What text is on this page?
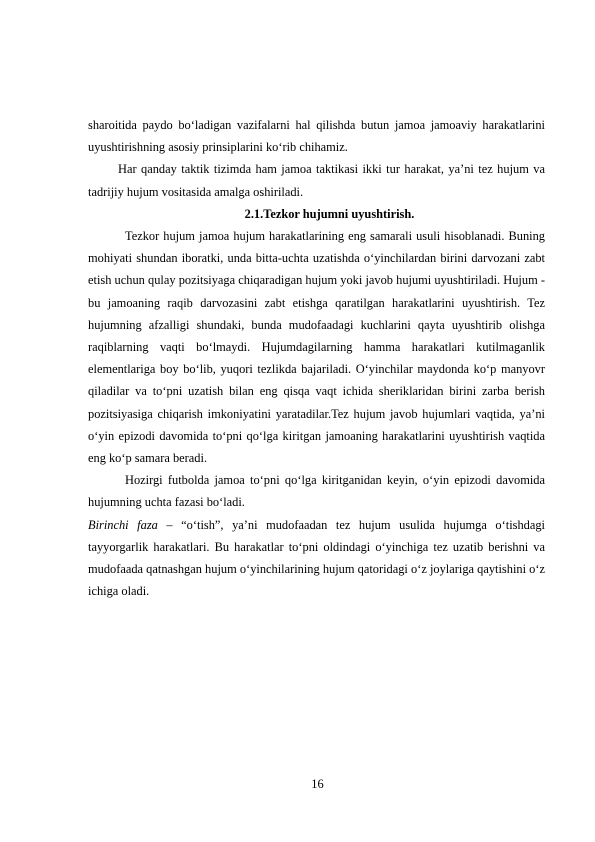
sharoitida paydo bo‘ladigan vazifalarni hal qilishda butun jamoa jamoaviy harakatlarini uyushtirishning asosiy prinsiplarini ko‘rib chihamiz.

Har qanday taktik tizimda ham jamoa taktikasi ikki tur harakat, ya’ni tez hujum va tadrijiy hujum vositasida amalga oshiriladi.

2.1.Tezkor hujumni uyushtirish.

Tezkor hujum jamoa hujum harakatlarining eng samarali usuli hisoblanadi. Buning mohiyati shundan iboratki, unda bitta-uchta uzatishda o‘yinchilardan birini darvozani zabt etish uchun qulay pozitsiyaga chiqaradigan hujum yoki javob hujumi uyushtiriladi. Hujum - bu jamoaning raqib darvozasini zabt etishga qaratilgan harakatlarini uyushtirish. Tez hujumning afzalligi shundaki, bunda mudofaadagi kuchlarini qayta uyushtirib olishga raqiblarning vaqti bo‘lmaydi. Hujumdagilarning hamma harakatlari kutilmaganlik elementlariga boy bo‘lib, yuqori tezlikda bajariladi. O‘yinchilar maydonda ko‘p manyovr qiladilar va to‘pni uzatish bilan eng qisqa vaqt ichida sheriklaridan birini zarba berish pozitsiyasiga chiqarish imkoniyatini yaratadilar.Tez hujum javob hujumlari vaqtida, ya’ni o‘yin epizodi davomida to‘pni qo‘lga kiritgan jamoaning harakatlarini uyushtirish vaqtida eng ko‘p samara beradi.

Hozirgi futbolda jamoa to‘pni qo‘lga kiritganidan keyin, o‘yin epizodi davomida hujumning uchta fazasi bo‘ladi.

Birinchi faza – “o‘tish”, ya’ni mudofaadan tez hujum usulida hujumga o‘tishdagi tayyorgarlik harakatlari. Bu harakatlar to‘pni oldindagi o‘yinchiga tez uzatib berishni va mudofaada qatnashgan hujum o‘yinchilarining hujum qatoridagi o‘z joylariga qaytishini o‘z ichiga oladi.

16
